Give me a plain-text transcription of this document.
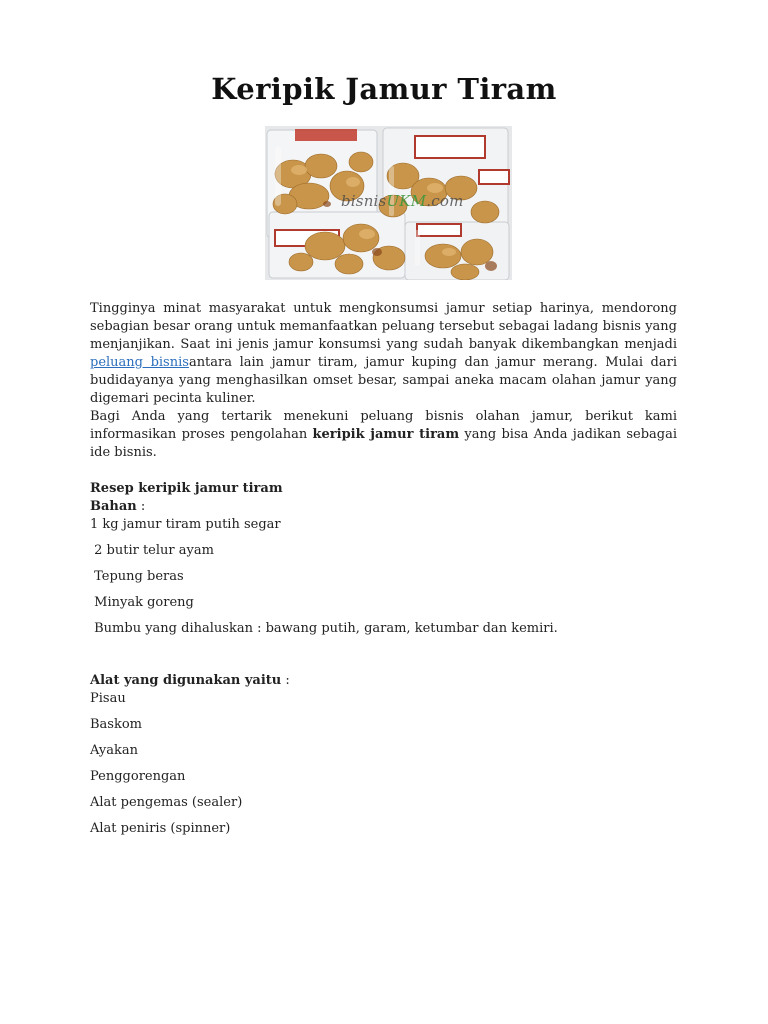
Keripik Jamur Tiram
bisnisUKM.com

Tingginya minat masyarakat untuk mengkonsumsi jamur setiap harinya, mendorong sebagian besar orang untuk memanfaatkan peluang tersebut sebagai ladang bisnis yang menjanjikan. Saat ini jenis jamur konsumsi yang sudah banyak dikembangkan menjadi peluang bisnisantara lain jamur tiram, jamur kuping dan jamur merang. Mulai dari budidayanya yang menghasilkan omset besar, sampai aneka macam olahan jamur yang digemari pecinta kuliner.

Bagi Anda yang tertarik menekuni peluang bisnis olahan jamur, berikut kami informasikan proses pengolahan keripik jamur tiram yang bisa Anda jadikan sebagai ide bisnis.

Resep keripik jamur tiram

Bahan :

1 kg jamur tiram putih segar
2 butir telur ayam
Tepung beras
Minyak goreng
Bumbu yang dihaluskan : bawang putih, garam, ketumbar dan kemiri.

Alat yang digunakan yaitu :

Pisau
Baskom
Ayakan
Penggorengan
Alat pengemas (sealer)
Alat peniris (spinner)
